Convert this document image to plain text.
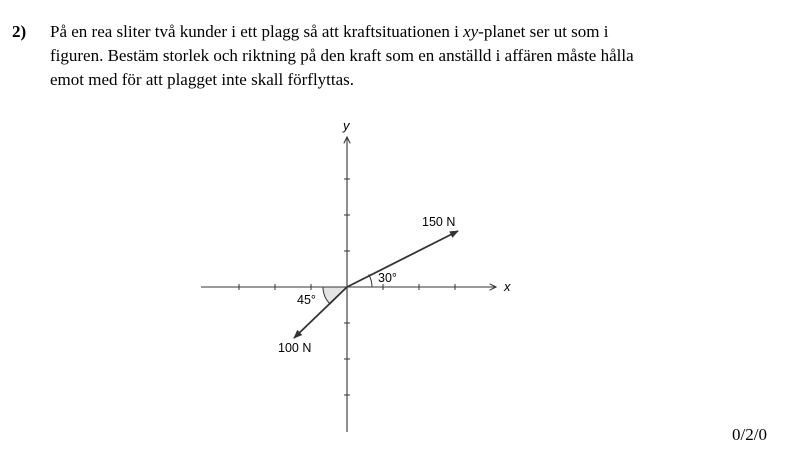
2) På en rea sliter två kunder i ett plagg så att kraftsituationen i xy-planet ser ut som i
figuren. Bestäm storlek och riktning på den kraft som en anställd i affären måste hålla
emot med för att plagget inte skall förflyttas.
x
y
150 N
30°
45°
100 N
0/2/0
